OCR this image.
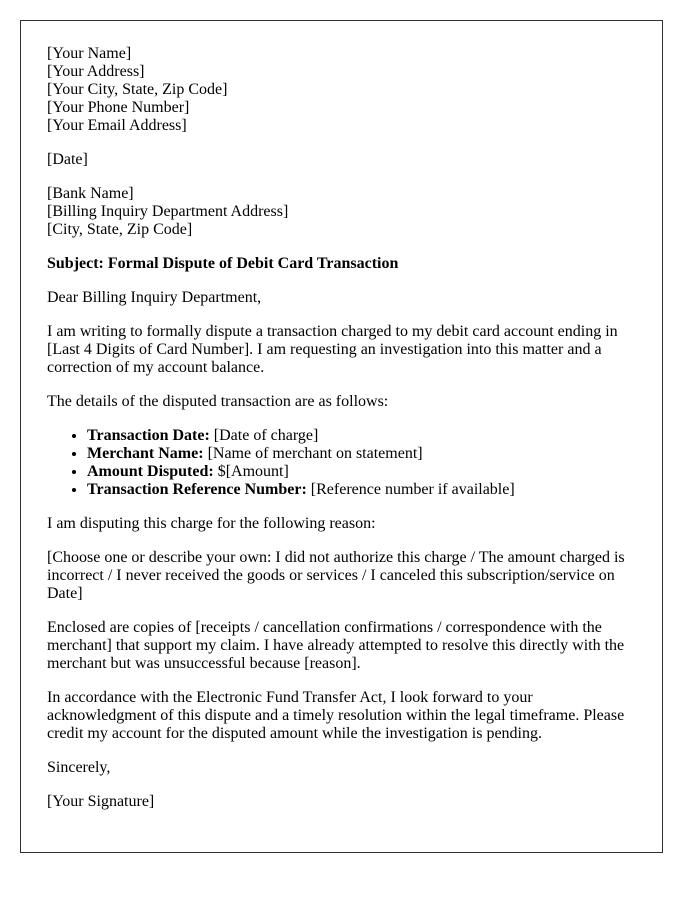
[Your Name]
[Your Address]
[Your City, State, Zip Code]
[Your Phone Number]
[Your Email Address]
[Date]
[Bank Name]
[Billing Inquiry Department Address]
[City, State, Zip Code]
Subject: Formal Dispute of Debit Card Transaction
Dear Billing Inquiry Department,
I am writing to formally dispute a transaction charged to my debit card account ending in [Last 4 Digits of Card Number]. I am requesting an investigation into this matter and a correction of my account balance.
The details of the disputed transaction are as follows:
• Transaction Date: [Date of charge]
• Merchant Name: [Name of merchant on statement]
• Amount Disputed: $[Amount]
• Transaction Reference Number: [Reference number if available]
I am disputing this charge for the following reason:
[Choose one or describe your own: I did not authorize this charge / The amount charged is incorrect / I never received the goods or services / I canceled this subscription/service on Date]
Enclosed are copies of [receipts / cancellation confirmations / correspondence with the merchant] that support my claim. I have already attempted to resolve this directly with the merchant but was unsuccessful because [reason].
In accordance with the Electronic Fund Transfer Act, I look forward to your acknowledgment of this dispute and a timely resolution within the legal timeframe. Please credit my account for the disputed amount while the investigation is pending.
Sincerely,
[Your Signature]
